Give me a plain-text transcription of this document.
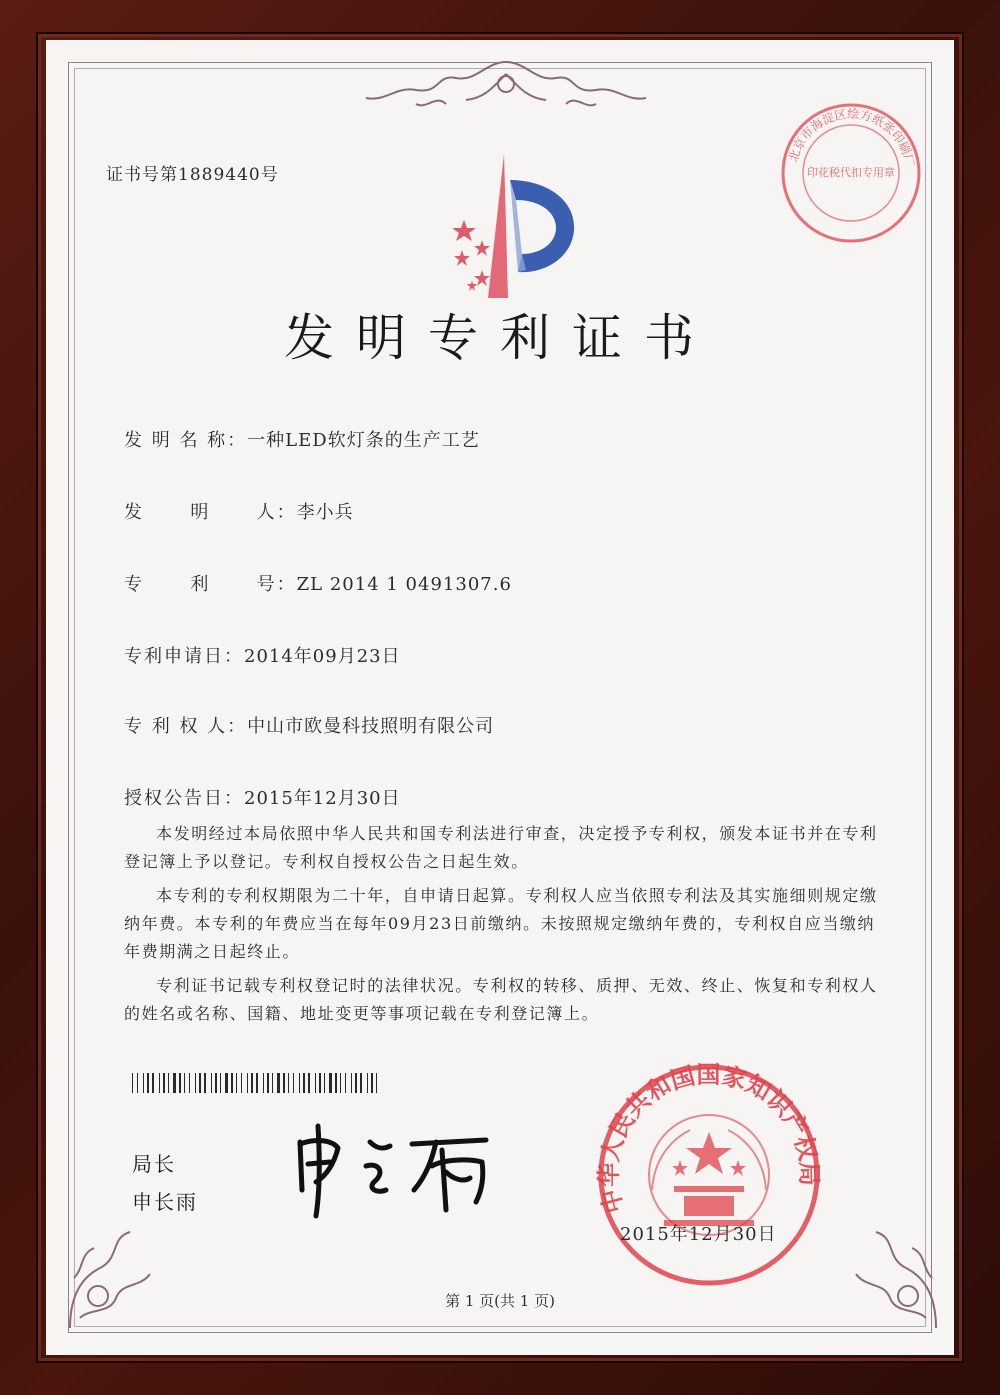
证书号第1889440号
北京市海淀区绘方纸张印刷厂
印花税代扣专用章
发明专利证书
发 明 名 称：一种LED软灯条的生产工艺
发      明      人：李小兵
专      利      号：ZL 2014 1 0491307.6
专利申请日：2014年09月23日
专 利 权 人：中山市欧曼科技照明有限公司
授权公告日：2015年12月30日

本发明经过本局依照中华人民共和国专利法进行审查，决定授予专利权，颁发本证书并在专利登记簿上予以登记。专利权自授权公告之日起生效。

本专利的专利权期限为二十年，自申请日起算。专利权人应当依照专利法及其实施细则规定缴纳年费。本专利的年费应当在每年09月23日前缴纳。未按照规定缴纳年费的，专利权自应当缴纳年费期满之日起终止。

专利证书记载专利权登记时的法律状况。专利权的转移、质押、无效、终止、恢复和专利权人的姓名或名称、国籍、地址变更等事项记载在专利登记簿上。

局长
申长雨	中华人民共和国国家知识产权局
2015年12月30日
第 1 页(共 1 页)
